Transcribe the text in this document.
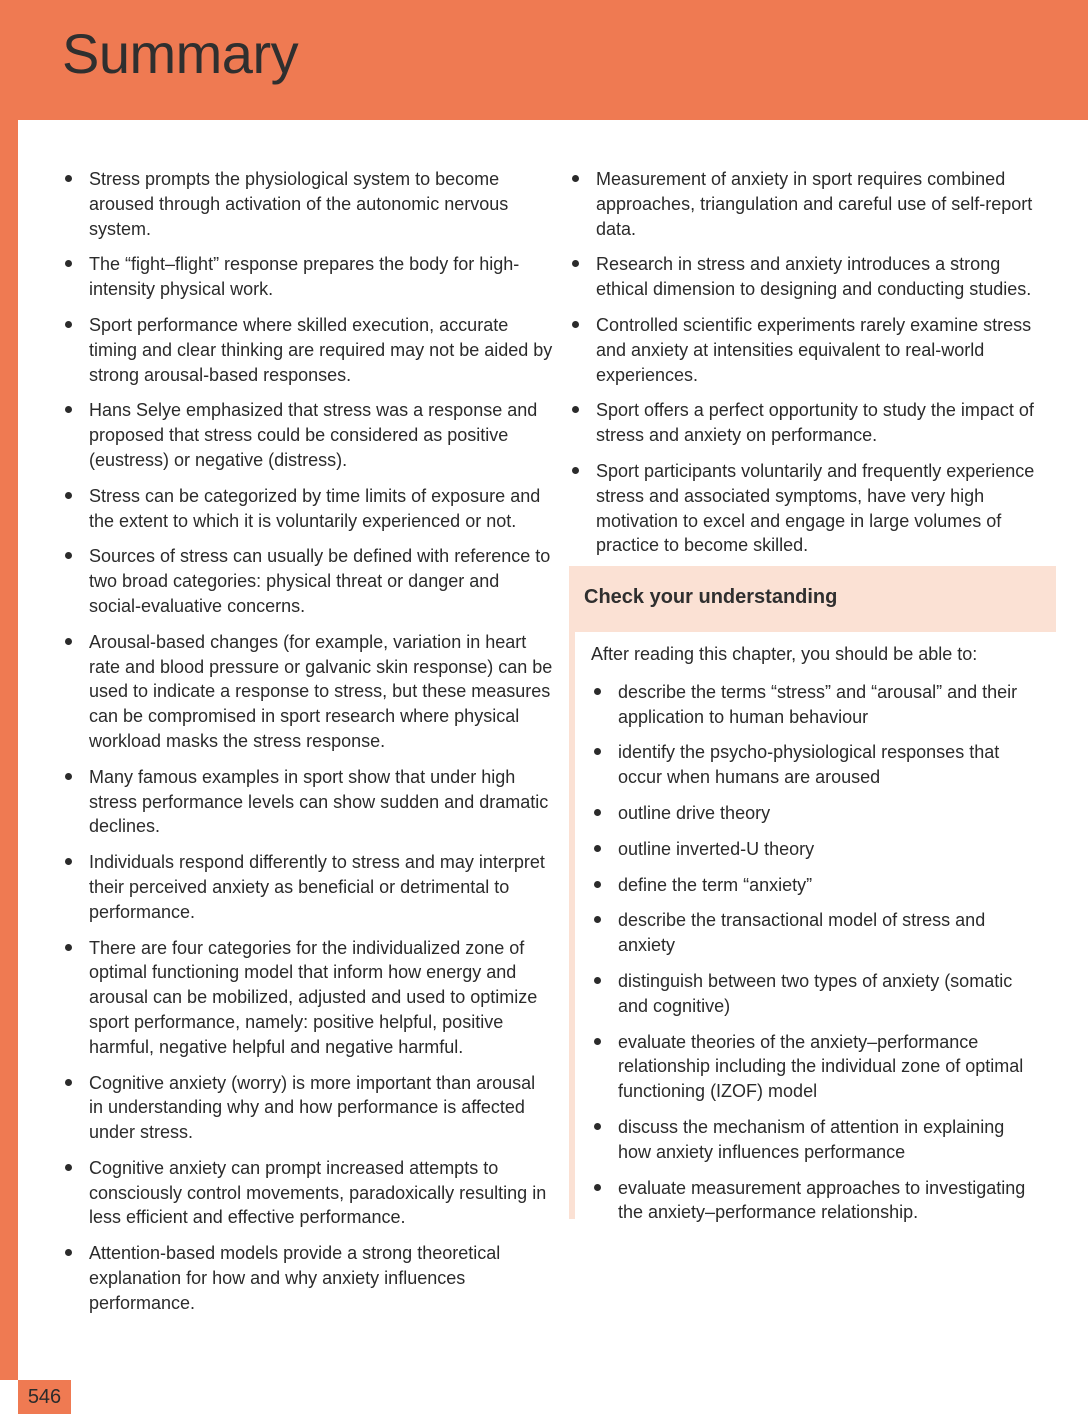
Summary
Stress prompts the physiological system to become aroused through activation of the autonomic nervous system.
The “fight–flight” response prepares the body for high-intensity physical work.
Sport performance where skilled execution, accurate timing and clear thinking are required may not be aided by strong arousal-based responses.
Hans Selye emphasized that stress was a response and proposed that stress could be considered as positive (eustress) or negative (distress).
Stress can be categorized by time limits of exposure and the extent to which it is voluntarily experienced or not.
Sources of stress can usually be defined with reference to two broad categories: physical threat or danger and social-evaluative concerns.
Arousal-based changes (for example, variation in heart rate and blood pressure or galvanic skin response) can be used to indicate a response to stress, but these measures can be compromised in sport research where physical workload masks the stress response.
Many famous examples in sport show that under high stress performance levels can show sudden and dramatic declines.
Individuals respond differently to stress and may interpret their perceived anxiety as beneficial or detrimental to performance.
There are four categories for the individualized zone of optimal functioning model that inform how energy and arousal can be mobilized, adjusted and used to optimize sport performance, namely: positive helpful, positive harmful, negative helpful and negative harmful.
Cognitive anxiety (worry) is more important than arousal in understanding why and how performance is affected under stress.
Cognitive anxiety can prompt increased attempts to consciously control movements, paradoxically resulting in less efficient and effective performance.
Attention-based models provide a strong theoretical explanation for how and why anxiety influences performance.
Measurement of anxiety in sport requires combined approaches, triangulation and careful use of self-report data.
Research in stress and anxiety introduces a strong ethical dimension to designing and conducting studies.
Controlled scientific experiments rarely examine stress and anxiety at intensities equivalent to real-world experiences.
Sport offers a perfect opportunity to study the impact of stress and anxiety on performance.
Sport participants voluntarily and frequently experience stress and associated symptoms, have very high motivation to excel and engage in large volumes of practice to become skilled.
Check your understanding

After reading this chapter, you should be able to:

describe the terms “stress” and “arousal” and their application to human behaviour
identify the psycho-physiological responses that occur when humans are aroused
outline drive theory
outline inverted-U theory
define the term “anxiety”
describe the transactional model of stress and anxiety
distinguish between two types of anxiety (somatic and cognitive)
evaluate theories of the anxiety–performance relationship including the individual zone of optimal functioning (IZOF) model
discuss the mechanism of attention in explaining how anxiety influences performance
evaluate measurement approaches to investigating the anxiety–performance relationship.
546
